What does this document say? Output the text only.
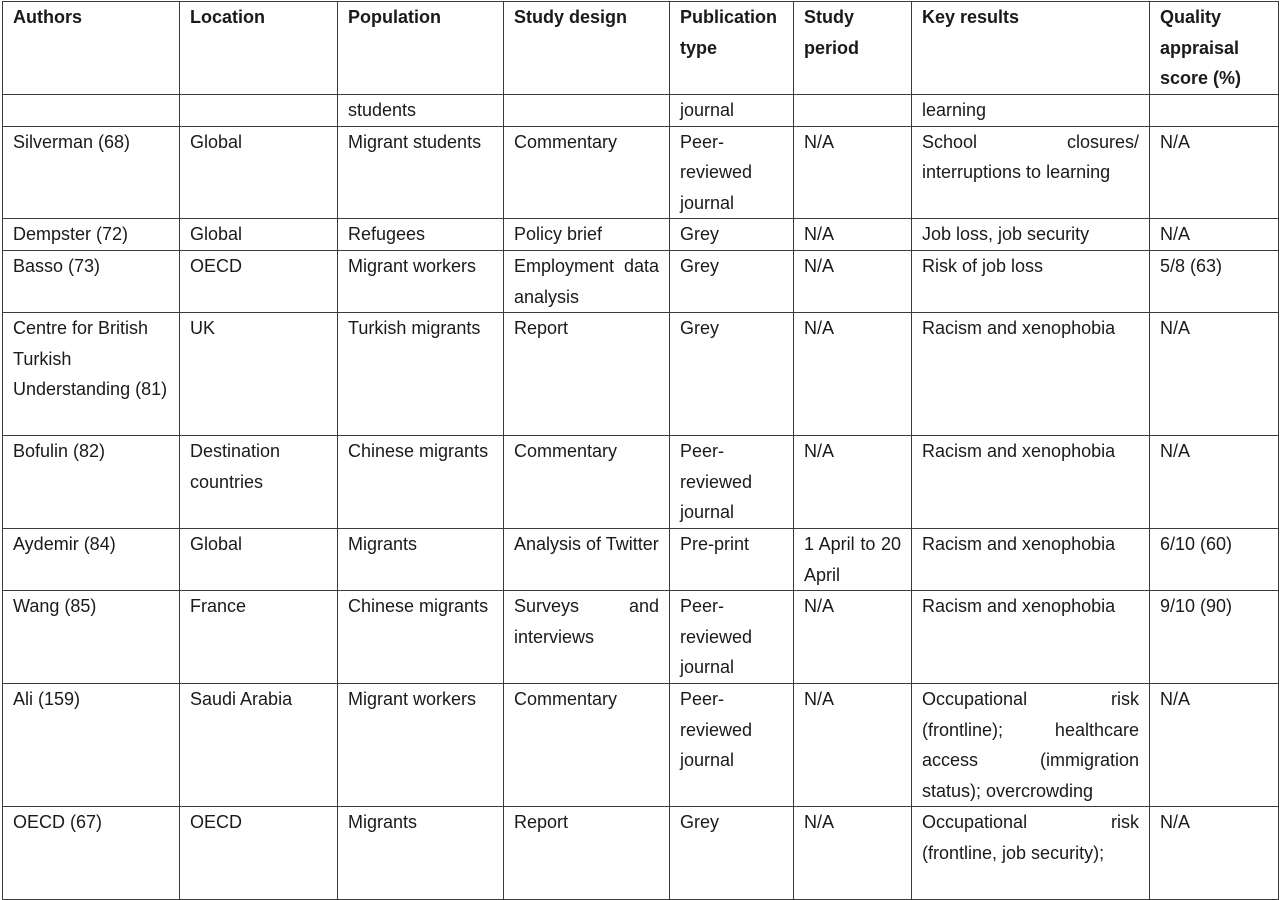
Authors	Location	Population	Study design	Publication type	Study period	Key results	Quality appraisal score (%)
		students		journal		learning	
Silverman (68)	Global	Migrant students	Commentary	Peer-reviewed journal	N/A	School closures/ interruptions to learning	N/A
Dempster (72)	Global	Refugees	Policy brief	Grey	N/A	Job loss, job security	N/A
Basso (73)	OECD	Migrant workers	Employment data analysis	Grey	N/A	Risk of job loss	5/8 (63)
Centre for British Turkish Understanding (81)	UK	Turkish migrants	Report	Grey	N/A	Racism and xenophobia	N/A
Bofulin (82)	Destination countries	Chinese migrants	Commentary	Peer-reviewed journal	N/A	Racism and xenophobia	N/A
Aydemir (84)	Global	Migrants	Analysis of Twitter	Pre-print	1 April to 20 April	Racism and xenophobia	6/10 (60)
Wang (85)	France	Chinese migrants	Surveys and interviews	Peer-reviewed journal	N/A	Racism and xenophobia	9/10 (90)
Ali (159)	Saudi Arabia	Migrant workers	Commentary	Peer-reviewed journal	N/A	Occupational risk (frontline); healthcare access (immigration status); overcrowding	N/A
OECD (67)	OECD	Migrants	Report	Grey	N/A	Occupational risk (frontline, job security);	N/A
